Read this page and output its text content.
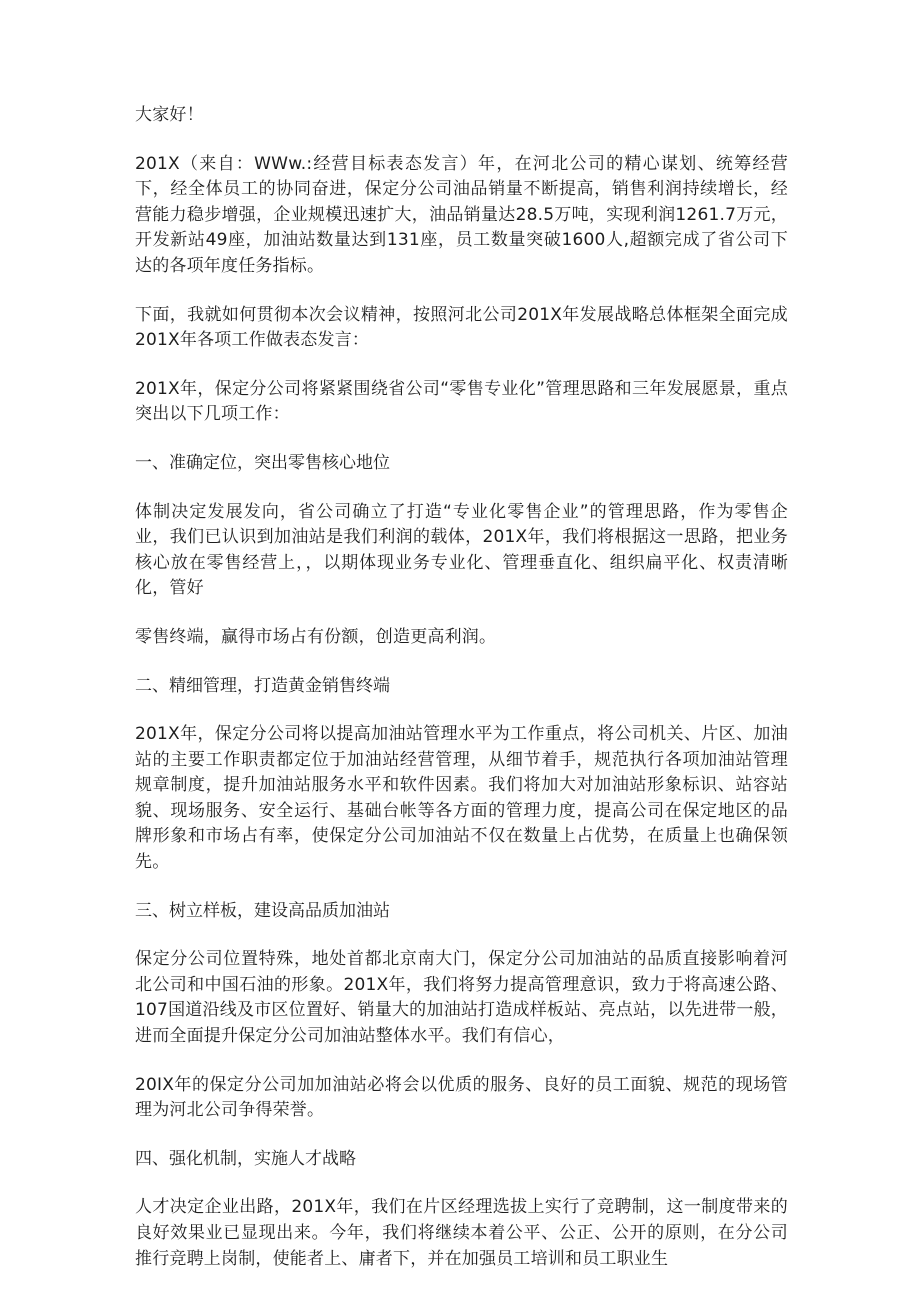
大家好！

201X（来自：WWw.:经营目标表态发言）年，在河北公司的精心谋划、统筹经营下，经全体员工的协同奋进，保定分公司油品销量不断提高，销售利润持续增长，经营能力稳步增强，企业规模迅速扩大，油品销量达28.5万吨，实现利润1261.7万元，开发新站49座，加油站数量达到131座，员工数量突破1600人,超额完成了省公司下达的各项年度任务指标。

下面，我就如何贯彻本次会议精神，按照河北公司201X年发展战略总体框架全面完成201X年各项工作做表态发言：

201X年，保定分公司将紧紧围绕省公司“零售专业化”管理思路和三年发展愿景，重点突出以下几项工作：

一、准确定位，突出零售核心地位

体制决定发展发向，省公司确立了打造“专业化零售企业”的管理思路，作为零售企业，我们已认识到加油站是我们利润的载体，201X年，我们将根据这一思路，把业务核心放在零售经营上，，以期体现业务专业化、管理垂直化、组织扁平化、权责清晰化，管好

零售终端，赢得市场占有份额，创造更高利润。

二、精细管理，打造黄金销售终端

201X年，保定分公司将以提高加油站管理水平为工作重点，将公司机关、片区、加油站的主要工作职责都定位于加油站经营管理，从细节着手，规范执行各项加油站管理规章制度，提升加油站服务水平和软件因素。我们将加大对加油站形象标识、站容站貌、现场服务、安全运行、基础台帐等各方面的管理力度，提高公司在保定地区的品牌形象和市场占有率，使保定分公司加油站不仅在数量上占优势，在质量上也确保领先。

三、树立样板，建设高品质加油站

保定分公司位置特殊，地处首都北京南大门，保定分公司加油站的品质直接影响着河北公司和中国石油的形象。201X年，我们将努力提高管理意识，致力于将高速公路、107国道沿线及市区位置好、销量大的加油站打造成样板站、亮点站，以先进带一般，进而全面提升保定分公司加油站整体水平。我们有信心，

20IX年的保定分公司加加油站必将会以优质的服务、良好的员工面貌、规范的现场管理为河北公司争得荣誉。

四、强化机制，实施人才战略

人才决定企业出路，201X年，我们在片区经理选拔上实行了竞聘制，这一制度带来的良好效果业已显现出来。今年，我们将继续本着公平、公正、公开的原则，在分公司推行竞聘上岗制，使能者上、庸者下，并在加强员工培训和员工职业生
